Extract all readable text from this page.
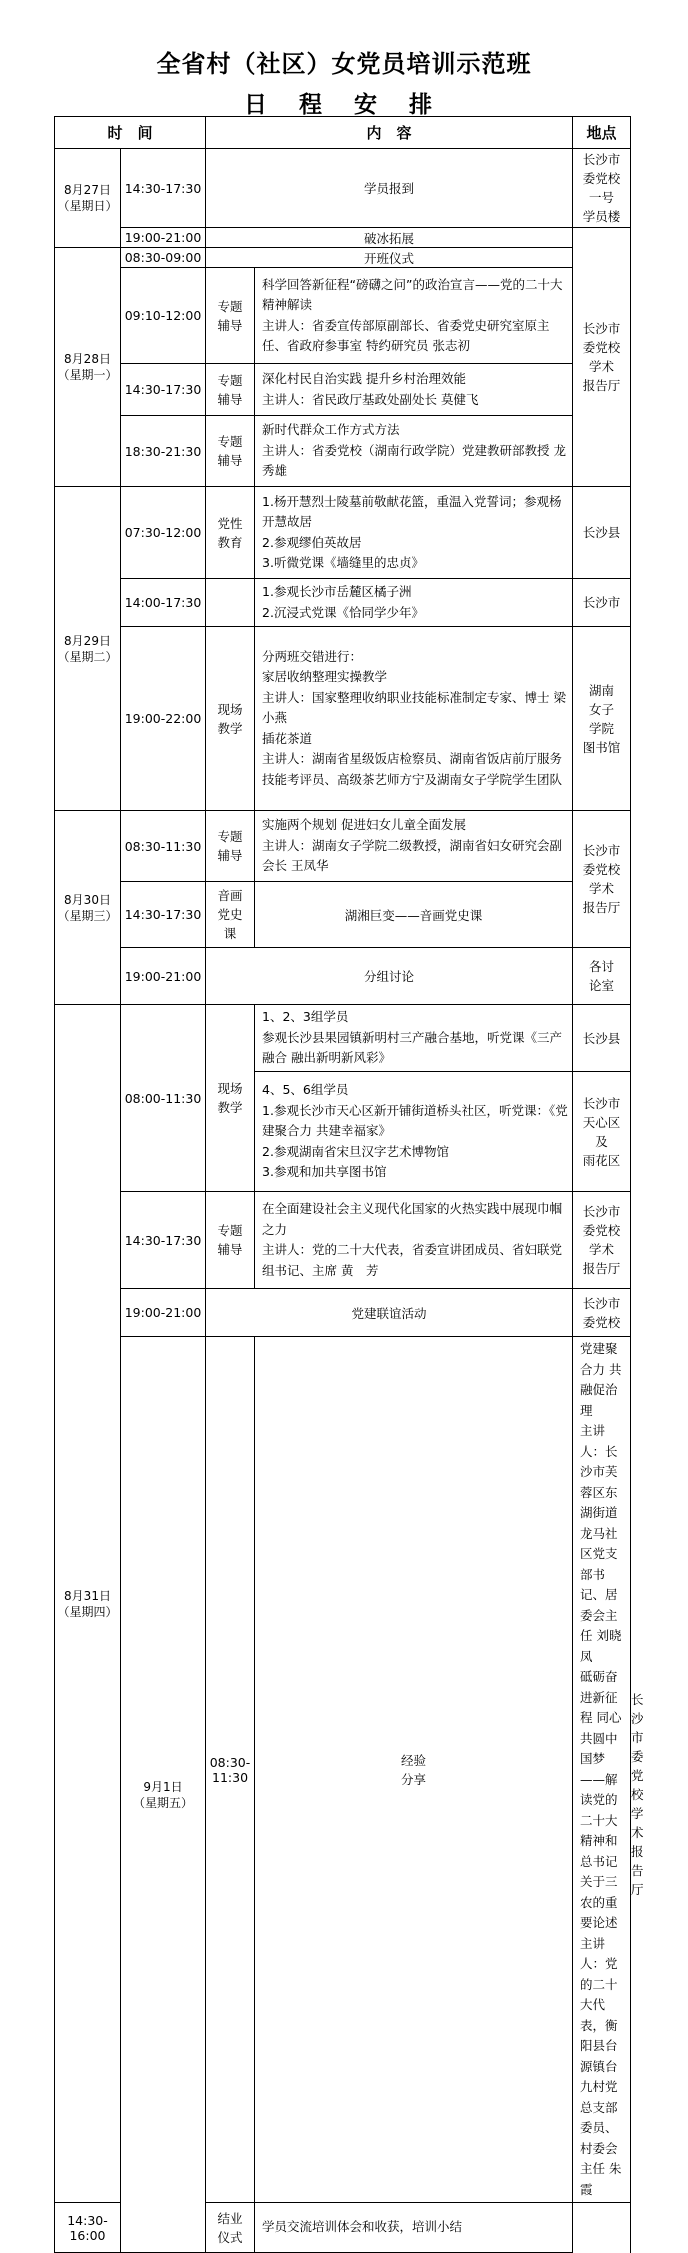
全省村（社区）女党员培训示范班
日 程 安 排
时　间		内　容		地点	

8月27日
（星期日）	14:30-17:30	学员报到		长沙市
委党校
一号
学员楼	

	19:00-21:00	破冰拓展		长沙市
委党校
学术
报告厅	

8月28日
（星期一）	08:30-09:00	开班仪式			
	09:10-12:00	专题
辅导	科学回答新征程“磅礴之问”的政治宣言——党的二十大精神解读
主讲人：省委宣传部原副部长、省委党史研究室原主任、省政府参事室 特约研究员 张志初		

	14:30-17:30	专题
辅导	深化村民自治实践 提升乡村治理效能
主讲人：省民政厅基政处副处长 莫健飞		

	18:30-21:30	专题
辅导	新时代群众工作方式方法
主讲人：省委党校（湖南行政学院）党建教研部教授 龙秀雄		

8月29日
（星期二）	07:30-12:00	党性
教育	1.杨开慧烈士陵墓前敬献花篮，重温入党誓词；参观杨开慧故居
2.参观缪伯英故居
3.听微党课《墙缝里的忠贞》	长沙县	

	14:00-17:30		1.参观长沙市岳麓区橘子洲
2.沉浸式党课《恰同学少年》	长沙市	

	19:00-22:00	现场
教学	分两班交错进行：
家居收纳整理实操教学
主讲人：国家整理收纳职业技能标准制定专家、博士 梁小燕
插花茶道
主讲人：湖南省星级饭店检察员、湖南省饭店前厅服务技能考评员、高级茶艺师方宁及湖南女子学院学生团队	湖南
女子
学院
图书馆	

8月30日
（星期三）	08:30-11:30	专题
辅导	实施两个规划 促进妇女儿童全面发展
主讲人：湖南女子学院二级教授，湖南省妇女研究会副会长 王凤华	长沙市
委党校
学术
报告厅	

	14:30-17:30	音画
党史
课	湖湘巨变——音画党史课		
	19:00-21:00	分组讨论		各讨
论室	

8月31日
（星期四）	08:00-11:30	现场
教学	1、2、3组学员
参观长沙县果园镇新明村三产融合基地，听党课《三产融合 融出新明新风彩》	长沙县	

			4、5、6组学员
1.参观长沙市天心区新开铺街道桥头社区，听党课：《党建聚合力 共建幸福家》
2.参观湖南省宋旦汉字艺术博物馆
3.参观和加共享图书馆	长沙市
天心区
及
雨花区	

	14:30-17:30	专题
辅导	在全面建设社会主义现代化国家的火热实践中展现巾帼之力
主讲人：党的二十大代表，省委宣讲团成员、省妇联党组书记、主席 黄　芳	长沙市
委党校
学术
报告厅	

	19:00-21:00	党建联谊活动		长沙市
委党校	

	9月1日
（星期五）	08:30-11:30	经验
分享	党建聚合力 共融促治理
主讲人：长沙市芙蓉区东湖街道龙马社区党支部书记、居委会主任 刘晓凤
砥砺奋进新征程 同心共圆中国梦——解读党的二十大精神和总书记关于三农的重要论述
主讲人：党的二十大代表，衡阳县台源镇台九村党总支部委员、村委会主任 朱　霞	长沙市
委党校
学术
报告厅

14:30-16:00		结业
仪式	学员交流培训体会和收获，培训小结		
